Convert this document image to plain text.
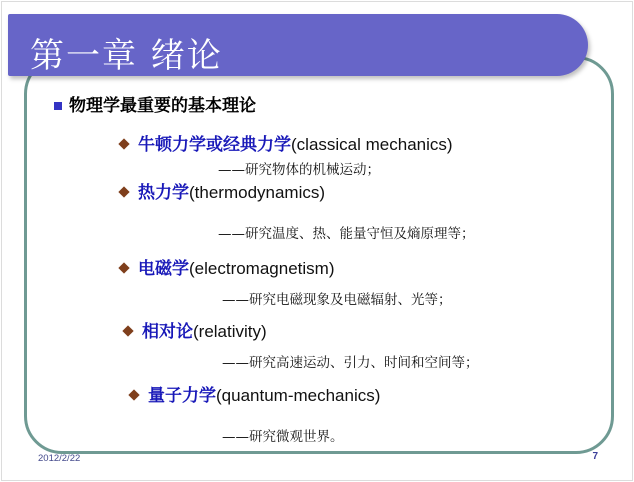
第一章 绪论
物理学最重要的基本理论
牛顿力学或经典力学(classical mechanics)
——研究物体的机械运动；
热力学(thermodynamics)
——研究温度、热、能量守恒及熵原理等；
电磁学(electromagnetism)
——研究电磁现象及电磁辐射、光等；
相对论(relativity)
——研究高速运动、引力、时间和空间等；
量子力学(quantum-mechanics)
——研究微观世界。
2012/2/22	7
